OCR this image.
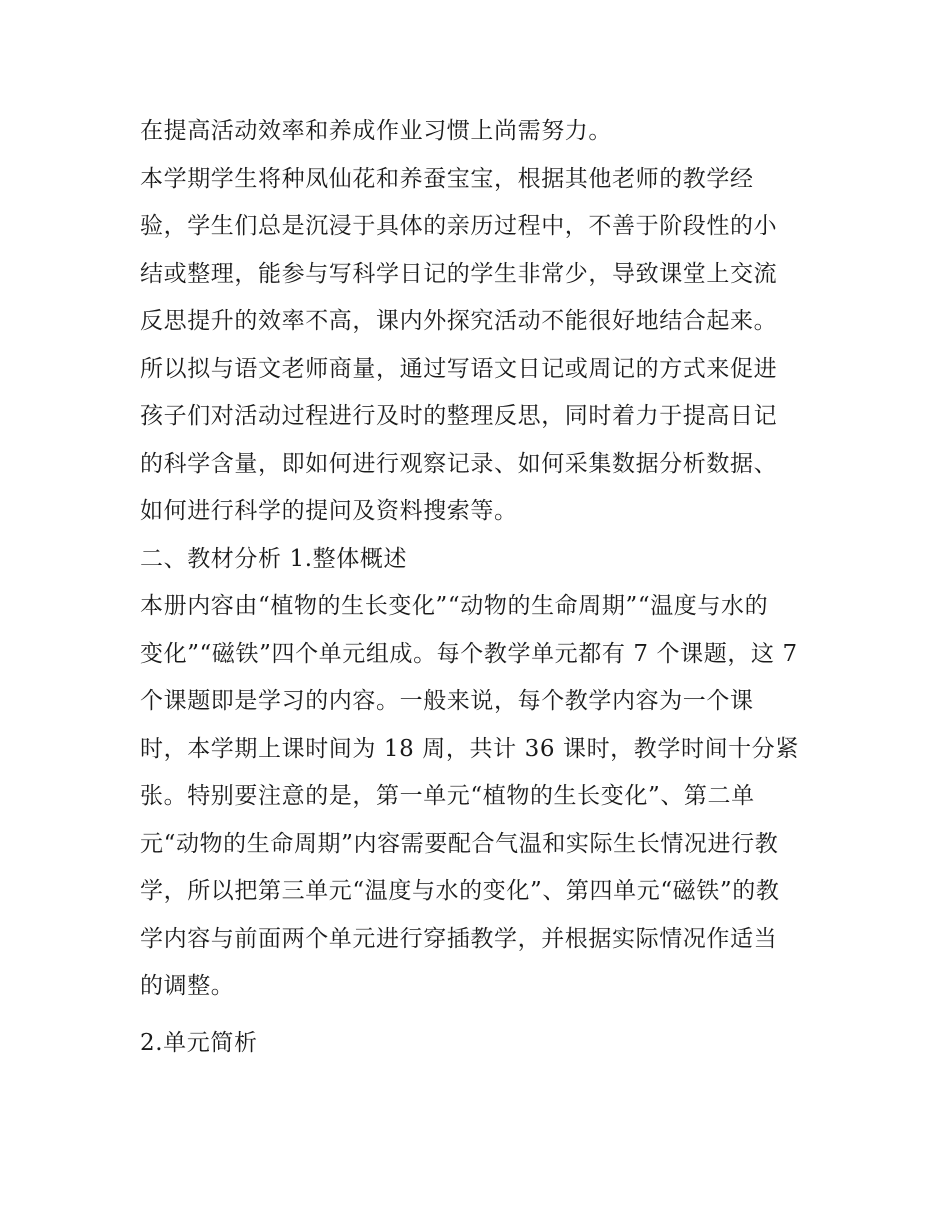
在提高活动效率和养成作业习惯上尚需努力。
本学期学生将种凤仙花和养蚕宝宝，根据其他老师的教学经
验，学生们总是沉浸于具体的亲历过程中，不善于阶段性的小
结或整理，能参与写科学日记的学生非常少，导致课堂上交流
反思提升的效率不高，课内外探究活动不能很好地结合起来。
所以拟与语文老师商量，通过写语文日记或周记的方式来促进
孩子们对活动过程进行及时的整理反思，同时着力于提高日记
的科学含量，即如何进行观察记录、如何采集数据分析数据、
如何进行科学的提问及资料搜索等。
二、教材分析 1.整体概述
本册内容由“植物的生长变化”“动物的生命周期”“温度与水的
变化”“磁铁”四个单元组成。每个教学单元都有 7 个课题，这 7
个课题即是学习的内容。一般来说，每个教学内容为一个课
时，本学期上课时间为 18 周，共计 36 课时，教学时间十分紧
张。特别要注意的是，第一单元“植物的生长变化”、第二单
元“动物的生命周期”内容需要配合气温和实际生长情况进行教
学，所以把第三单元“温度与水的变化”、第四单元“磁铁”的教
学内容与前面两个单元进行穿插教学，并根据实际情况作适当
的调整。
2.单元简析
